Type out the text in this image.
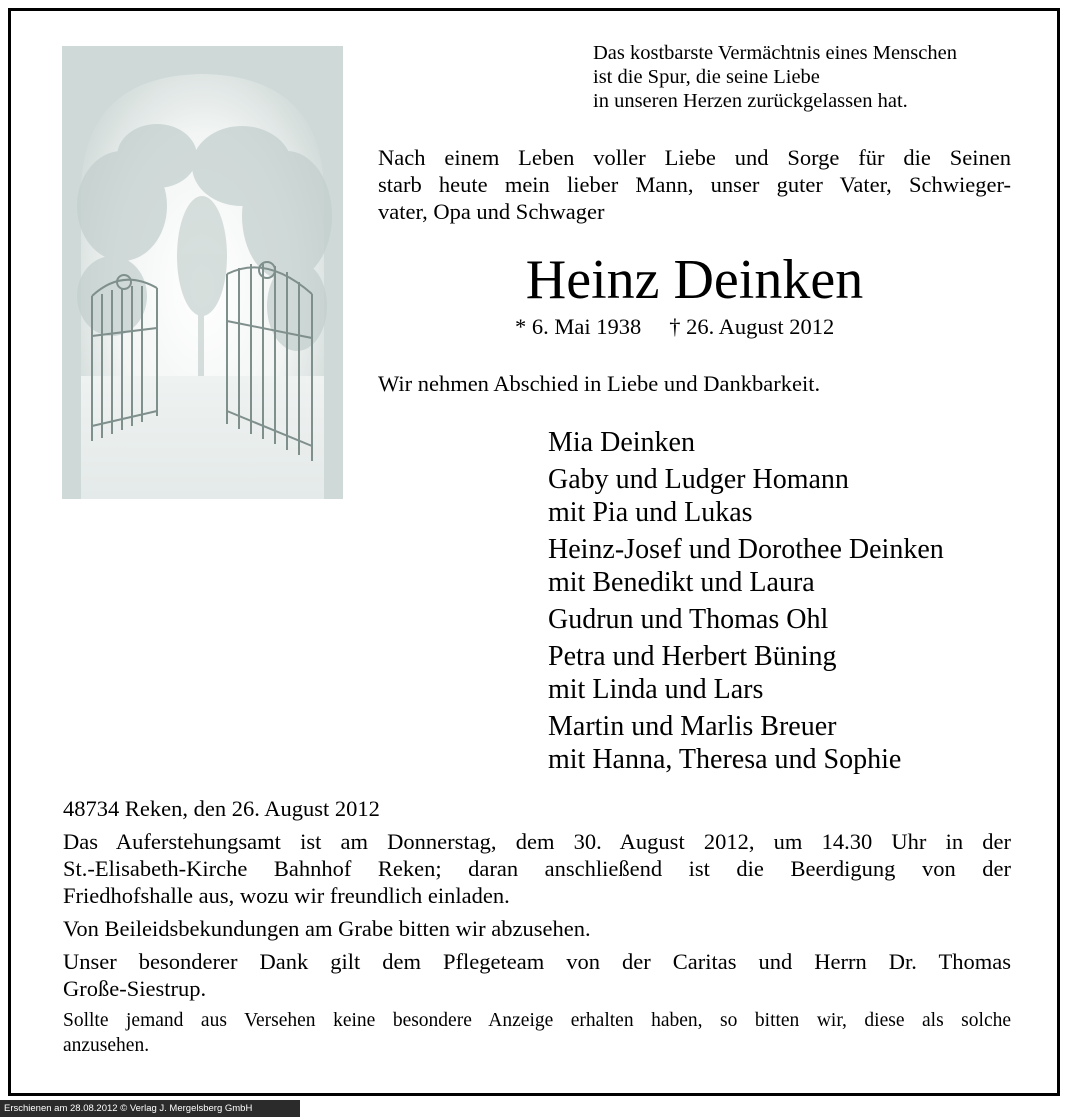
Das kostbarste Vermächtnis eines Menschen
ist die Spur, die seine Liebe
in unseren Herzen zurückgelassen hat.
Nach einem Leben voller Liebe und Sorge für die Seinen
starb heute mein lieber Mann, unser guter Vater, Schwieger-
vater, Opa und Schwager
Heinz Deinken
* 6. Mai 1938 † 26. August 2012
Wir nehmen Abschied in Liebe und Dankbarkeit.
Mia Deinken
Gaby und Ludger Homann
mit Pia und Lukas
Heinz-Josef und Dorothee Deinken
mit Benedikt und Laura
Gudrun und Thomas Ohl
Petra und Herbert Büning
mit Linda und Lars
Martin und Marlis Breuer
mit Hanna, Theresa und Sophie

48734 Reken, den 26. August 2012

Das Auferstehungsamt ist am Donnerstag, dem 30. August 2012, um 14.30 Uhr in der
St.-Elisabeth-Kirche Bahnhof Reken; daran anschließend ist die Beerdigung von der
Friedhofshalle aus, wozu wir freundlich einladen.

Von Beileidsbekundungen am Grabe bitten wir abzusehen.

Unser besonderer Dank gilt dem Pflegeteam von der Caritas und Herrn Dr. Thomas
Große-Siestrup.

Sollte jemand aus Versehen keine besondere Anzeige erhalten haben, so bitten wir, diese als solche
anzusehen.

Erschienen am 28.08.2012 © Verlag J. Mergelsberg GmbH
